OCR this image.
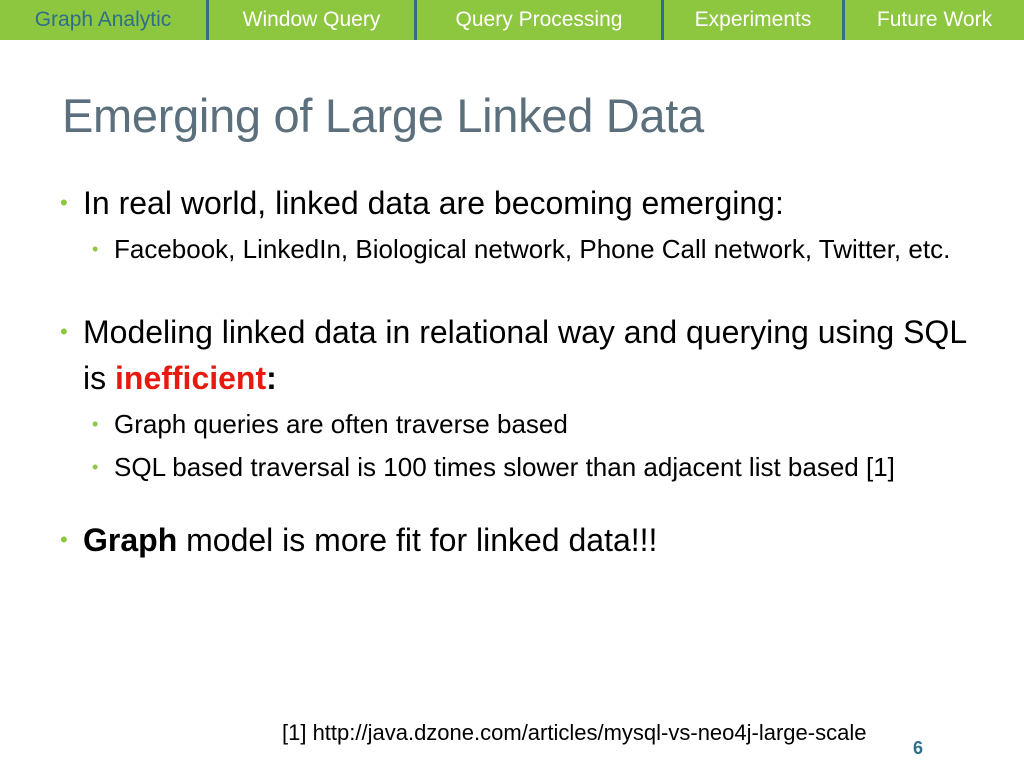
Graph Analytic	Window Query	Query Processing	Experiments	Future Work
Emerging of Large Linked Data
• In real world, linked data are becoming emerging:
• Facebook, LinkedIn, Biological network, Phone Call network, Twitter, etc.
• Modeling linked data in relational way and querying using SQL is inefficient:
• Graph queries are often traverse based
• SQL based traversal is 100 times slower than adjacent list based [1]
• Graph model is more fit for linked data!!!
[1] http://java.dzone.com/articles/mysql-vs-neo4j-large-scale
6
